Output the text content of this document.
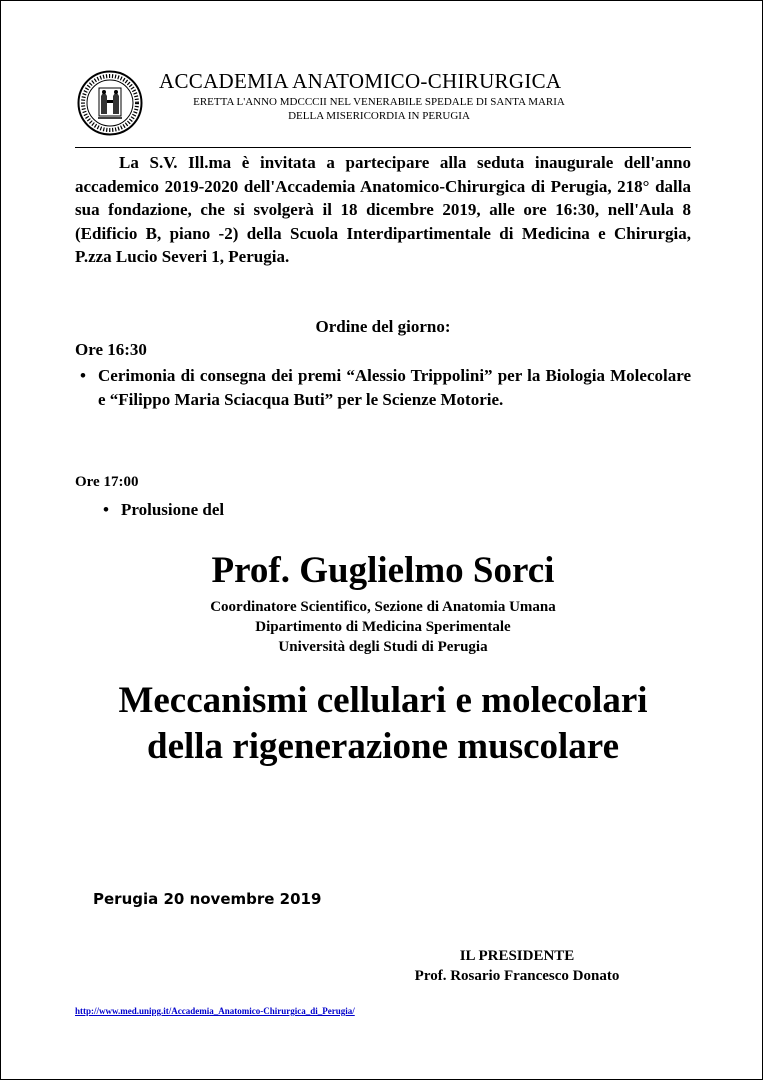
ACCADEMIA ANATOMICO-CHIRURGICA
ERETTA L'ANNO MDCCCII NEL VENERABILE SPEDALE DI SANTA MARIA
DELLA MISERICORDIA IN PERUGIA

La S.V. Ill.ma è invitata a partecipare alla seduta inaugurale dell'anno accademico 2019-2020 dell'Accademia Anatomico-Chirurgica di Perugia, 218° dalla sua fondazione, che si svolgerà il 18 dicembre 2019, alle ore 16:30, nell'Aula 8 (Edificio B, piano -2) della Scuola Interdipartimentale di Medicina e Chirurgia, P.zza Lucio Severi 1, Perugia.

Ordine del giorno:
Ore 16:30
• Cerimonia di consegna dei premi “Alessio Trippolini” per la Biologia Molecolare e “Filippo Maria Sciacqua Buti” per le Scienze Motorie.
Ore 17:00
• Prolusione del
Prof. Guglielmo Sorci
Coordinatore Scientifico, Sezione di Anatomia Umana
Dipartimento di Medicina Sperimentale
Università degli Studi di Perugia
Meccanismi cellulari e molecolari
della rigenerazione muscolare
Perugia 20 novembre 2019
IL PRESIDENTE
Prof. Rosario Francesco Donato
http://www.med.unipg.it/Accademia_Anatomico-Chirurgica_di_Perugia/
